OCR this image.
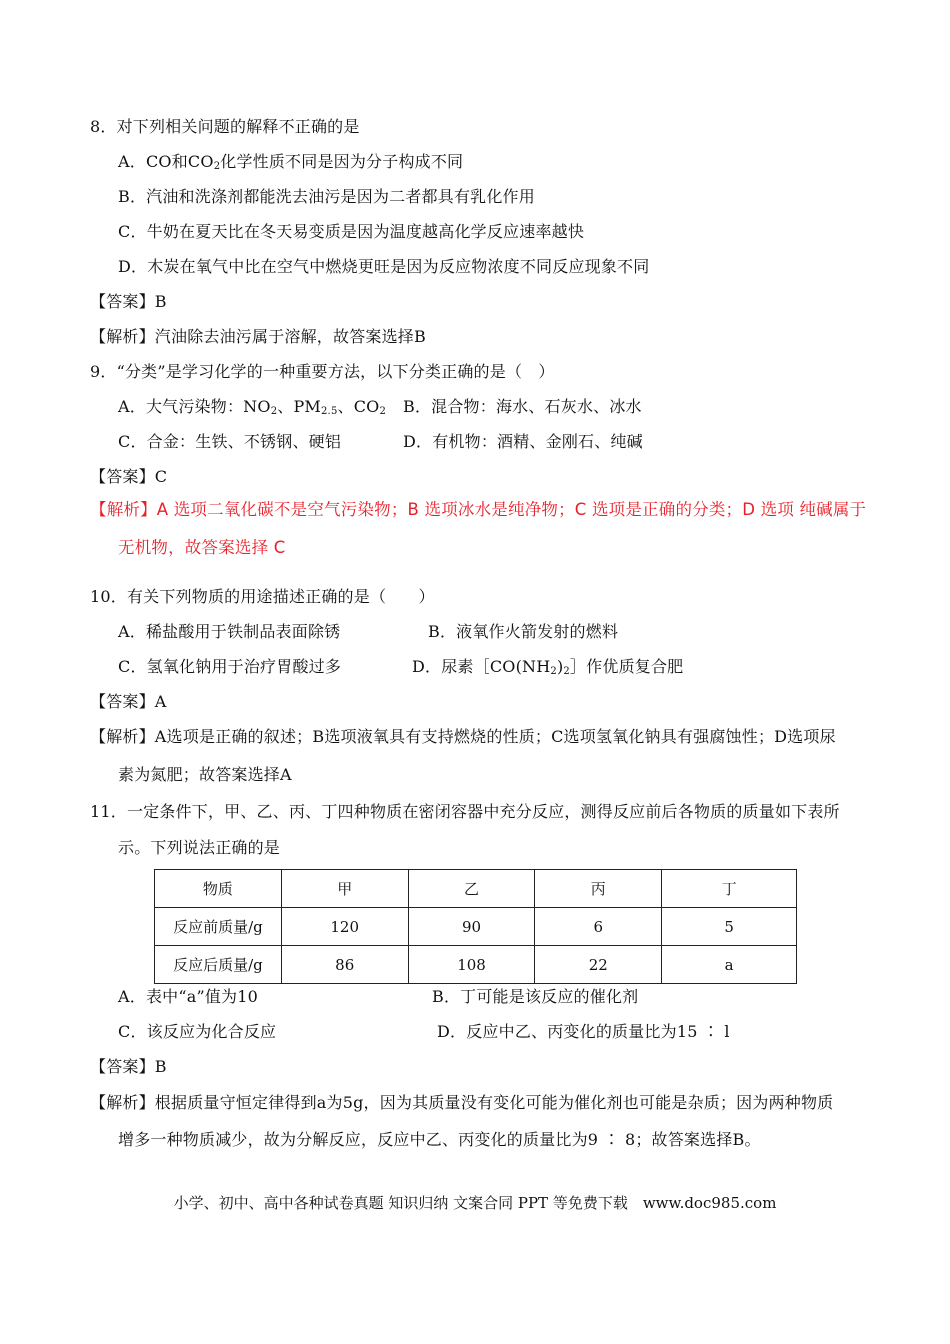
8．对下列相关问题的解释不正确的是
A．CO和$CO_2$化学性质不同是因为分子构成不同
B．汽油和洗涤剂都能洗去油污是因为二者都具有乳化作用
C．牛奶在夏天比在冬天易变质是因为温度越高化学反应速率越快
D．木炭在氧气中比在空气中燃烧更旺是因为反应物浓度不同反应现象不同
【答案】B
【解析】汽油除去油污属于溶解，故答案选择B
9．“分类”是学习化学的一种重要方法，以下分类正确的是（　）
A．大气污染物：$NO_2$、$PM_{2.5}$、$CO_2$ B．混合物：海水、石灰水、冰水
C．合金：生铁、不锈钢、硬铝	D．有机物：酒精、金刚石、纯碱
【答案】C
【解析】A 选项二氧化碳不是空气污染物；B 选项冰水是纯净物；C 选项是正确的分类；D 选项 纯碱属于
无机物，故答案选择 C
10．有关下列物质的用途描述正确的是（　　）
A．稀盐酸用于铁制品表面除锈	B．液氧作火箭发射的燃料
C．氢氧化钠用于治疗胃酸过多	D．尿素$[CO(NH_2)_2]$作优质复合肥
【答案】A
【解析】A选项是正确的叙述；B选项液氧具有支持燃烧的性质；C选项氢氧化钠具有强腐蚀性；D选项尿
素为氮肥；故答案选择A
11．一定条件下，甲、乙、丙、丁四种物质在密闭容器中充分反应，测得反应前后各物质的质量如下表所
示。下列说法正确的是
物质	甲	乙	丙	丁
反应前质量/g	120	90	6	5
反应后质量/g	86	108	22	a
A．表中“a”值为10	B．丁可能是该反应的催化剂
C．该反应为化合反应	D．反应中乙、丙变化的质量比为15 ∶ l
【答案】B
【解析】根据质量守恒定律得到a为5g，因为其质量没有变化可能为催化剂也可能是杂质；因为两种物质
增多一种物质减少，故为分解反应，反应中乙、丙变化的质量比为9 ∶ 8；故答案选择B。
小学、初中、高中各种试卷真题 知识归纳 文案合同 PPT 等免费下载　www.doc985.com
